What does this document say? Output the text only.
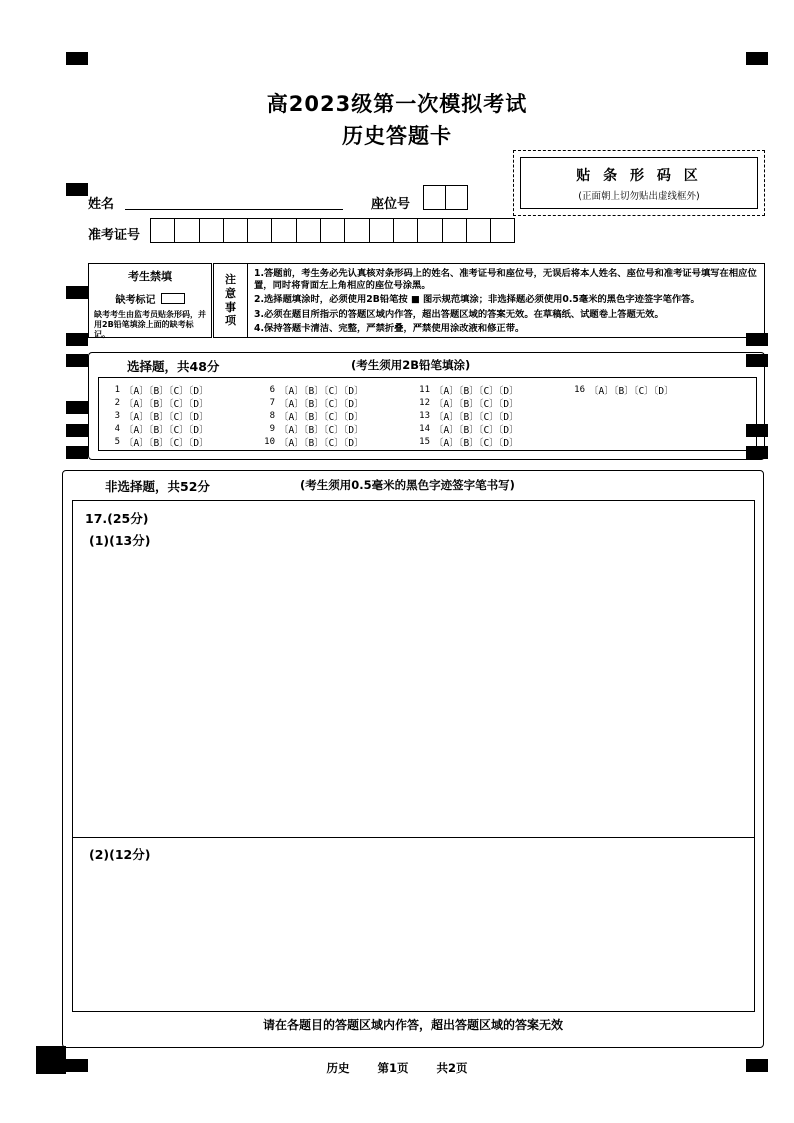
高2023级第一次模拟考试
历史答题卡
贴 条 形 码 区
(正面朝上切勿贴出虚线框外)
姓名	座位号
准考证号
考生禁填
缺考标记
缺考考生由监考员贴条形码，并用2B铅笔填涂上面的缺考标记。
注
意
事
项

1.答题前，考生务必先认真核对条形码上的姓名、准考证号和座位号，无误后将本人姓名、座位号和准考证号填写在相应位置，同时将背面左上角相应的座位号涂黑。

2.选择题填涂时，必须使用2B铅笔按 ■ 图示规范填涂；非选择题必须使用0.5毫米的黑色字迹签字笔作答。

3.必须在题目所指示的答题区域内作答，超出答题区域的答案无效。在草稿纸、试题卷上答题无效。

4.保持答题卡清洁、完整，严禁折叠，严禁使用涂改液和修正带。

选择题，共48分	(考生须用2B铅笔填涂)
1 〔A〕〔B〕〔C〕〔D〕
2 〔A〕〔B〕〔C〕〔D〕
3 〔A〕〔B〕〔C〕〔D〕
4 〔A〕〔B〕〔C〕〔D〕
5 〔A〕〔B〕〔C〕〔D〕
6 〔A〕〔B〕〔C〕〔D〕
7 〔A〕〔B〕〔C〕〔D〕
8 〔A〕〔B〕〔C〕〔D〕
9 〔A〕〔B〕〔C〕〔D〕
10 〔A〕〔B〕〔C〕〔D〕
11 〔A〕〔B〕〔C〕〔D〕
12 〔A〕〔B〕〔C〕〔D〕
13 〔A〕〔B〕〔C〕〔D〕
14 〔A〕〔B〕〔C〕〔D〕
15 〔A〕〔B〕〔C〕〔D〕
16 〔A〕〔B〕〔C〕〔D〕
非选择题，共52分	(考生须用0.5毫米的黑色字迹签字笔书写)
17.(25分)
(1)(13分)
(2)(12分)
请在各题目的答题区域内作答，超出答题区域的答案无效
历史 第1页 共2页
